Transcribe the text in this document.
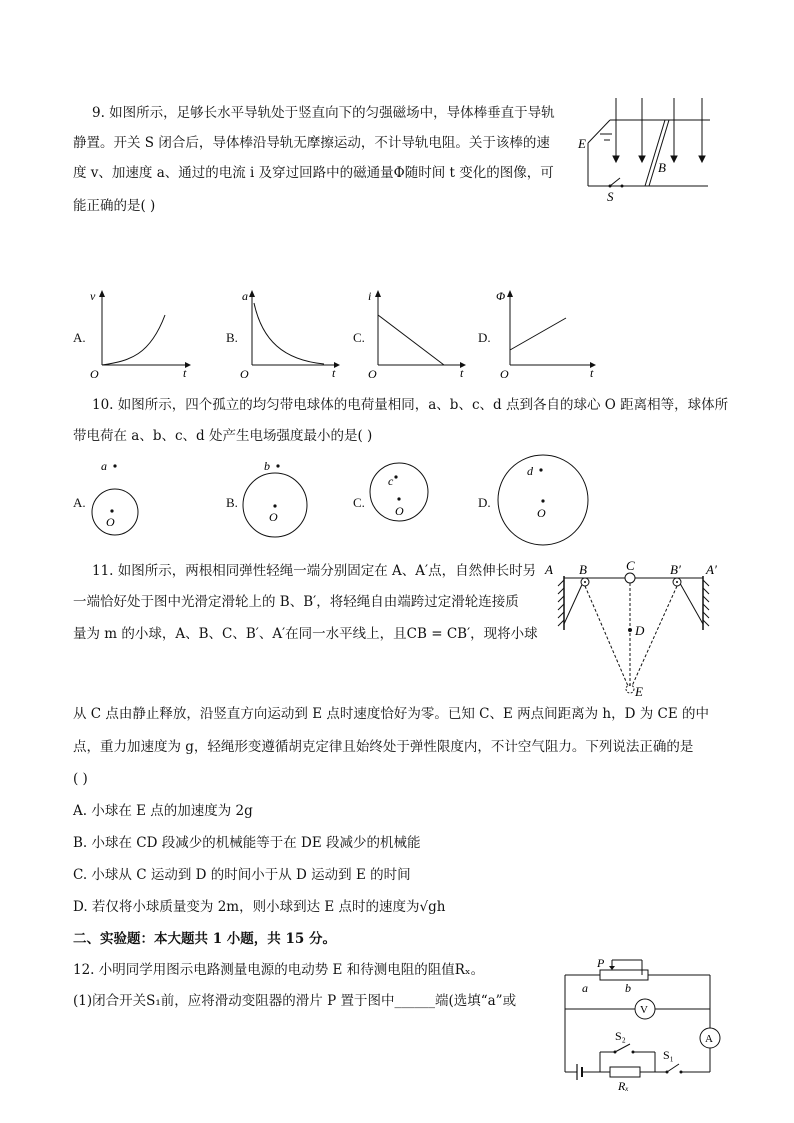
9. 如图所示，足够长水平导轨处于竖直向下的匀强磁场中，导体棒垂直于导轨
静置。开关 S 闭合后，导体棒沿导轨无摩擦运动，不计导轨电阻。关于该棒的速
度 v、加速度 a、通过的电流 i 及穿过回路中的磁通量Φ随时间 t 变化的图像，可
能正确的是( )
E
B
S
A.
v
t
O
B.
a
t
O
C.
i
t
O
D.
Φ
t
O
10. 如图所示，四个孤立的均匀带电球体的电荷量相同，a、b、c、d 点到各自的球心 O 距离相等，球体所
带电荷在 a、b、c、d 处产生电场强度最小的是( )
A.
a
O
B.
b
O
C.
c
O
D.
d
O
11. 如图所示，两根相同弹性轻绳一端分别固定在 A、A′点，自然伸长时另
一端恰好处于图中光滑定滑轮上的 B、B′，将轻绳自由端跨过定滑轮连接质
量为 m 的小球，A、B、C、B′、A′在同一水平线上，且CB = CB′，现将小球
从 C 点由静止释放，沿竖直方向运动到 E 点时速度恰好为零。已知 C、E 两点间距离为 h，D 为 CE 的中
点，重力加速度为 g，轻绳形变遵循胡克定律且始终处于弹性限度内，不计空气阻力。下列说法正确的是
( )
A B	C	B′ A′
D
E
A. 小球在 E 点的加速度为 2g
B. 小球在 CD 段减少的机械能等于在 DE 段减少的机械能
C. 小球从 C 运动到 D 的时间小于从 D 运动到 E 的时间
D. 若仅将小球质量变为 2m，则小球到达 E 点时的速度为√gh
二、实验题：本大题共 1 小题，共 15 分。
12. 小明同学用图示电路测量电源的电动势 E 和待测电阻的阻值Rₓ。
(1)闭合开关S₁前，应将滑动变阻器的滑片 P 置于图中______端(选填“a”或
P
a	b
V
A
S₂
S₁
Rₓ
